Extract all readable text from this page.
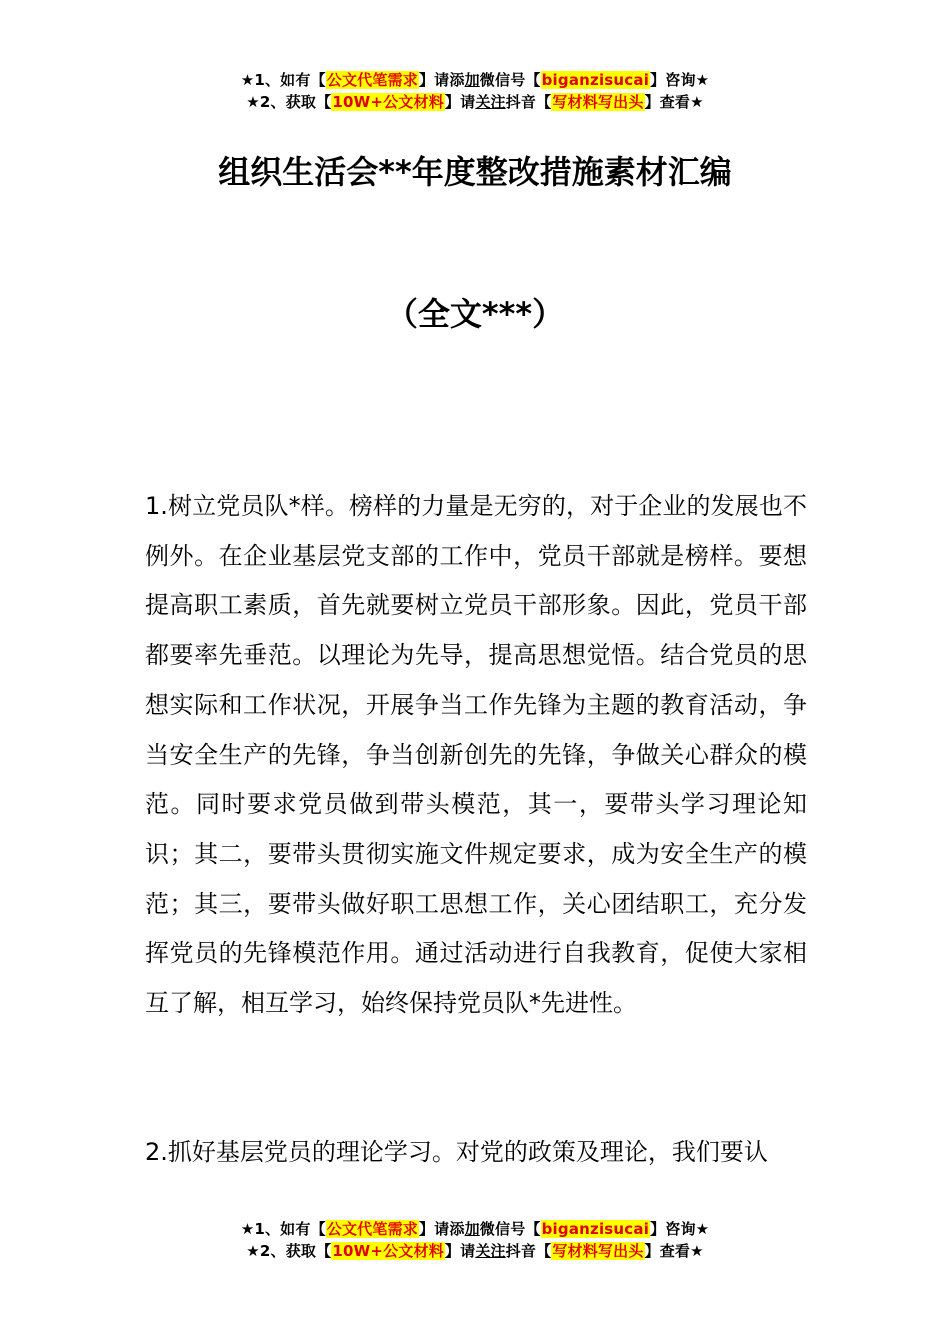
★1、如有【公文代笔需求】请添加微信号【biganzisucai】咨询★
★2、获取【10W+公文材料】请关注抖音【写材料写出头】查看★
组织生活会**年度整改措施素材汇编
（全文***）

1.树立党员队*样。榜样的力量是无穷的，对于企业的发展也不例外。在企业基层党支部的工作中，党员干部就是榜样。要想提高职工素质，首先就要树立党员干部形象。因此，党员干部都要率先垂范。以理论为先导，提高思想觉悟。结合党员的思想实际和工作状况，开展争当工作先锋为主题的教育活动，争当安全生产的先锋，争当创新创先的先锋，争做关心群众的模范。同时要求党员做到带头模范，其一，要带头学习理论知识；其二，要带头贯彻实施文件规定要求，成为安全生产的模范；其三，要带头做好职工思想工作，关心团结职工，充分发挥党员的先锋模范作用。通过活动进行自我教育，促使大家相互了解，相互学习，始终保持党员队*先进性。

2.抓好基层党员的理论学习。对党的政策及理论，我们要认

★1、如有【公文代笔需求】请添加微信号【biganzisucai】咨询★
★2、获取【10W+公文材料】请关注抖音【写材料写出头】查看★
